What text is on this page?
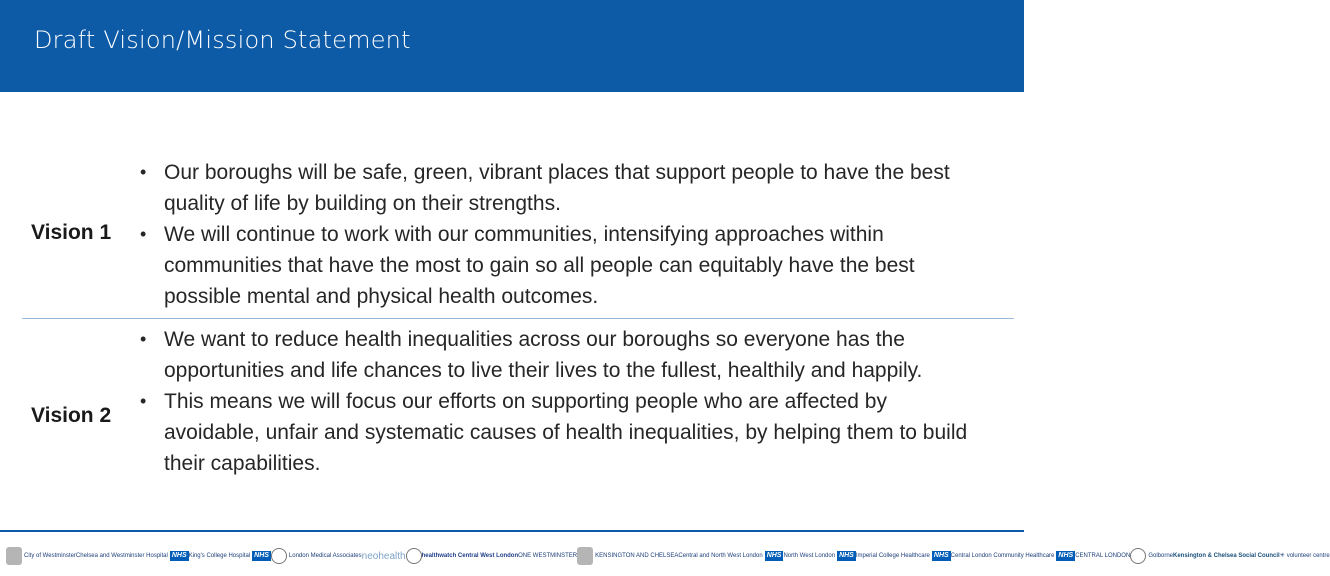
Draft Vision/Mission Statement
Vision 1
• Our boroughs will be safe, green, vibrant places that support people to have the best quality of life by building on their strengths.
• We will continue to work with our communities, intensifying approaches within communities that have the most to gain so all people can equitably have the best possible mental and physical health outcomes.
Vision 2
• We want to reduce health inequalities across our boroughs so everyone has the opportunities and life chances to live their lives to the fullest, healthily and happily.
• This means we will focus our efforts on supporting people who are affected by avoidable, unfair and systematic causes of health inequalities, by helping them to build their capabilities.
City of Westminster Chelsea and Westminster Hospital NHS King's College Hospital NHS	London Medical Associates neohealth	healthwatch Central West London ONE WESTMINSTER	KENSINGTON AND CHELSEA Central and North West London NHS North West London NHS Imperial College Healthcare NHS Central London Community Healthcare NHS CENTRAL LONDON	Golborne Kensington & Chelsea Social Council ✳ volunteer centre
